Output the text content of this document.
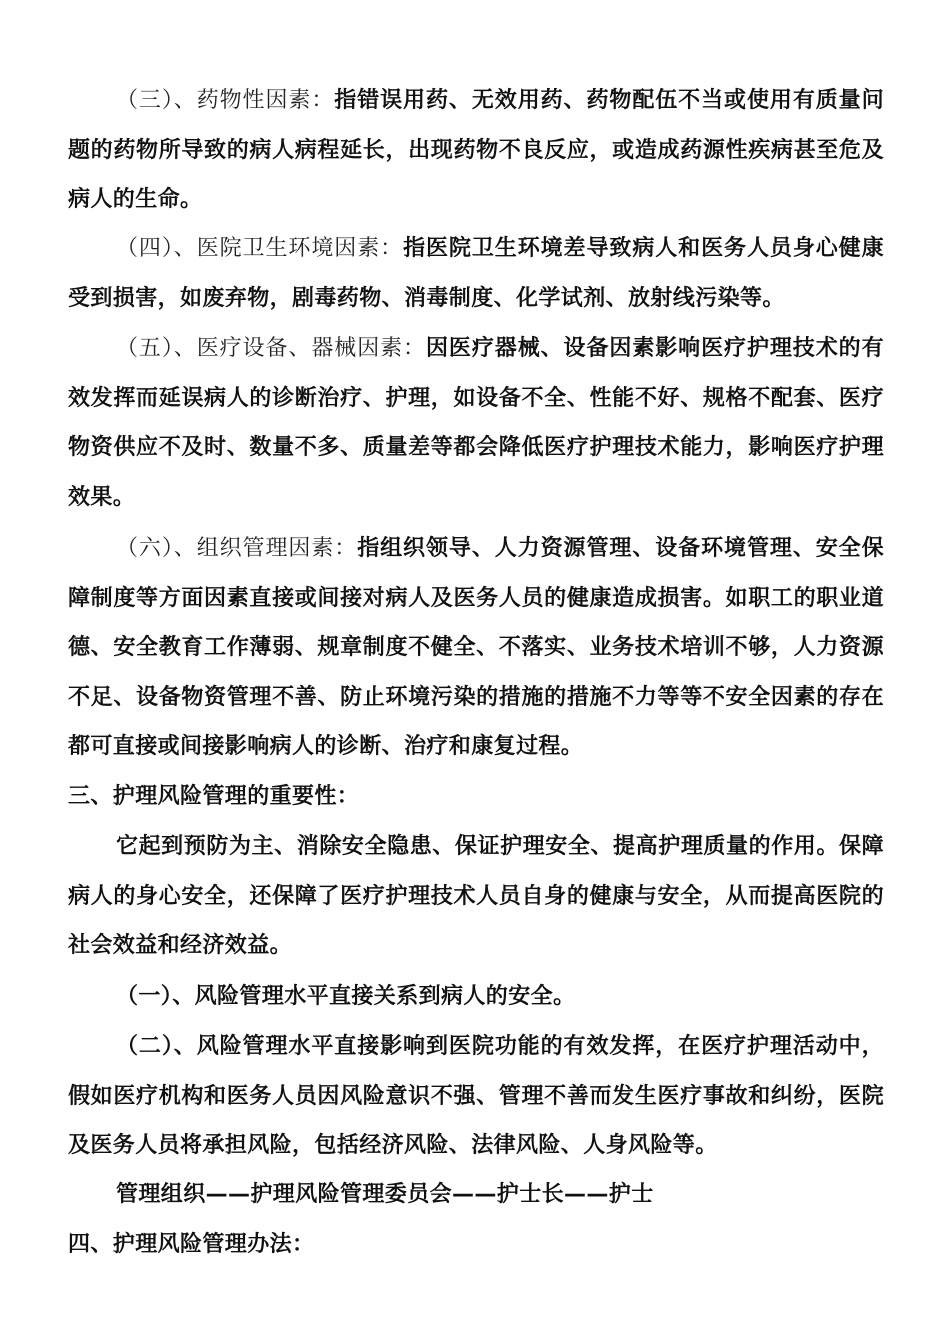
（三）、药物性因素：指错误用药、无效用药、药物配伍不当或使用有质量问题的药物所导致的病人病程延长，出现药物不良反应，或造成药源性疾病甚至危及病人的生命。

（四）、医院卫生环境因素：指医院卫生环境差导致病人和医务人员身心健康受到损害，如废弃物，剧毒药物、消毒制度、化学试剂、放射线污染等。

（五）、医疗设备、器械因素：因医疗器械、设备因素影响医疗护理技术的有效发挥而延误病人的诊断治疗、护理，如设备不全、性能不好、规格不配套、医疗物资供应不及时、数量不多、质量差等都会降低医疗护理技术能力，影响医疗护理效果。

（六）、组织管理因素：指组织领导、人力资源管理、设备环境管理、安全保障制度等方面因素直接或间接对病人及医务人员的健康造成损害。如职工的职业道德、安全教育工作薄弱、规章制度不健全、不落实、业务技术培训不够，人力资源不足、设备物资管理不善、防止环境污染的措施的措施不力等等不安全因素的存在都可直接或间接影响病人的诊断、治疗和康复过程。

三、护理风险管理的重要性：

它起到预防为主、消除安全隐患、保证护理安全、提高护理质量的作用。保障病人的身心安全，还保障了医疗护理技术人员自身的健康与安全，从而提高医院的社会效益和经济效益。

（一）、风险管理水平直接关系到病人的安全。

（二）、风险管理水平直接影响到医院功能的有效发挥，在医疗护理活动中，假如医疗机构和医务人员因风险意识不强、管理不善而发生医疗事故和纠纷，医院及医务人员将承担风险，包括经济风险、法律风险、人身风险等。

管理组织——护理风险管理委员会——护士长——护士

四、护理风险管理办法：
